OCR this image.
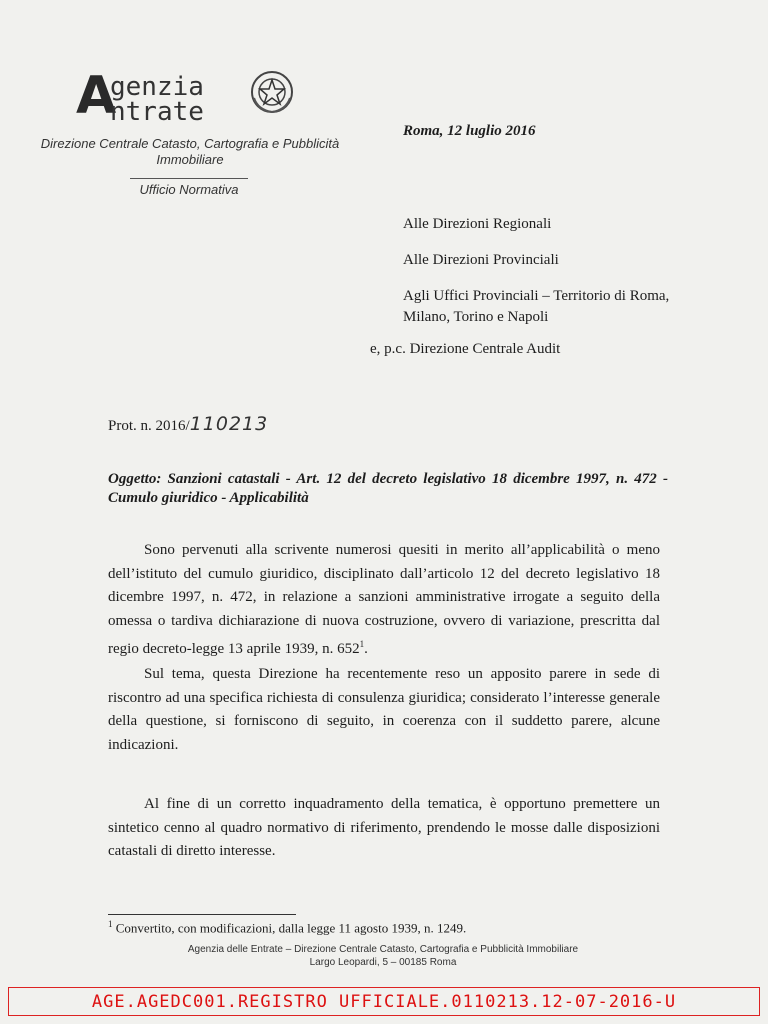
A
genzia
ntrate
Direzione Centrale Catasto, Cartografia e Pubblicità Immobiliare
Ufficio Normativa
Roma, 12 luglio 2016
Alle Direzioni Regionali
Alle Direzioni Provinciali
Agli Uffici Provinciali – Territorio di Roma, Milano, Torino e Napoli
e, p.c. Direzione Centrale Audit
Prot. n. 2016/110213
Oggetto: Sanzioni catastali - Art. 12 del decreto legislativo 18 dicembre 1997, n. 472 - Cumulo giuridico - Applicabilità

Sono pervenuti alla scrivente numerosi quesiti in merito all’applicabilità o meno dell’istituto del cumulo giuridico, disciplinato dall’articolo 12 del decreto legislativo 18 dicembre 1997, n. 472, in relazione a sanzioni amministrative irrogate a seguito della omessa o tardiva dichiarazione di nuova costruzione, ovvero di variazione, prescritta dal regio decreto-legge 13 aprile 1939, n. $652^1$.

Sul tema, questa Direzione ha recentemente reso un apposito parere in sede di riscontro ad una specifica richiesta di consulenza giuridica; considerato l’interesse generale della questione, si forniscono di seguito, in coerenza con il suddetto parere, alcune indicazioni.

Al fine di un corretto inquadramento della tematica, è opportuno premettere un sintetico cenno al quadro normativo di riferimento, prendendo le mosse dalle disposizioni catastali di diretto interesse.

$^1$ Convertito, con modificazioni, dalla legge 11 agosto 1939, n. 1249.
Agenzia delle Entrate – Direzione Centrale Catasto, Cartografia e Pubblicità Immobiliare
Largo Leopardi, 5 – 00185 Roma
AGE.AGEDC001.REGISTRO UFFICIALE.0110213.12-07-2016-U
